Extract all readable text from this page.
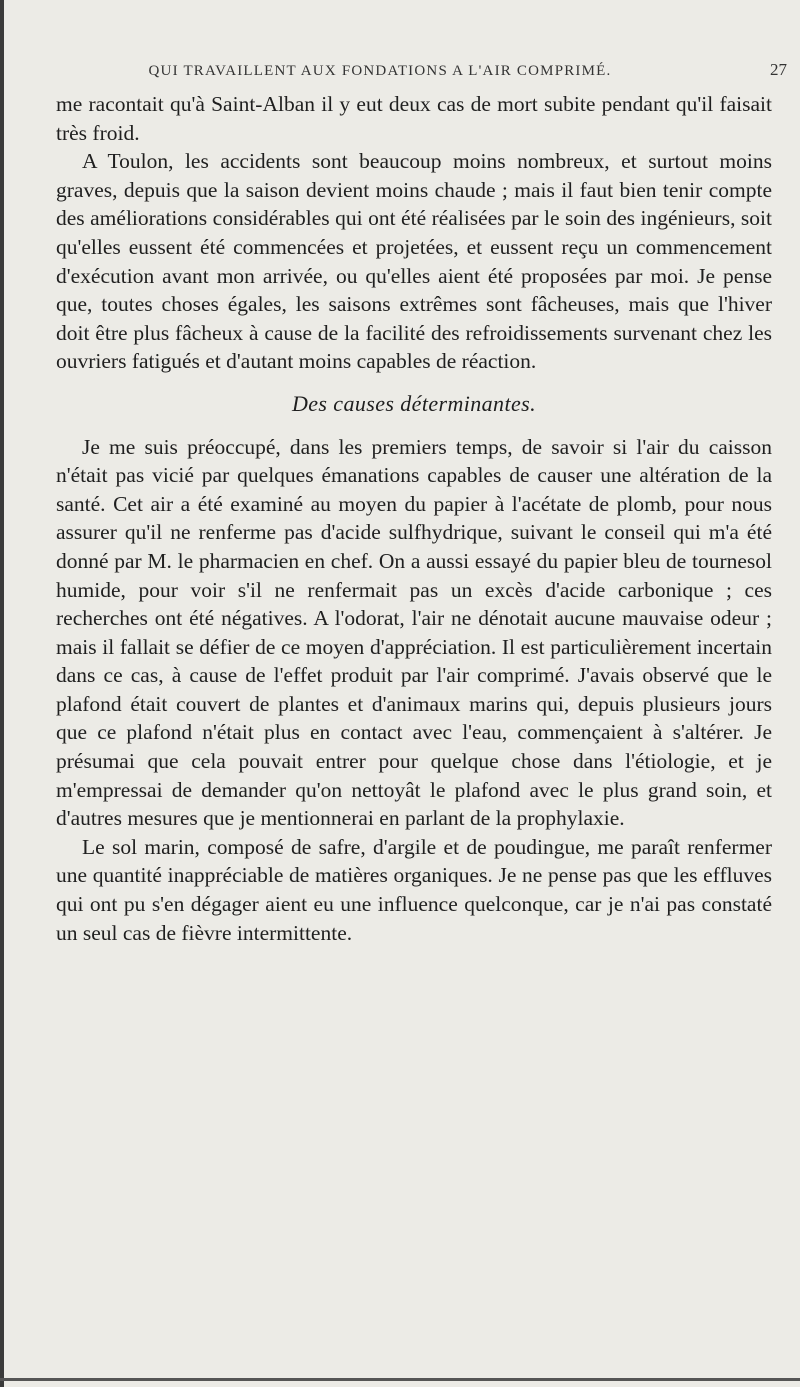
QUI TRAVAILLENT AUX FONDATIONS A L'AIR COMPRIMÉ.	27

me racontait qu'à Saint-Alban il y eut deux cas de mort subite pendant qu'il faisait très froid.

A Toulon, les accidents sont beaucoup moins nombreux, et surtout moins graves, depuis que la saison devient moins chaude ; mais il faut bien tenir compte des améliorations considérables qui ont été réalisées par le soin des ingénieurs, soit qu'elles eussent été commencées et projetées, et eussent reçu un commencement d'exécution avant mon arrivée, ou qu'elles aient été proposées par moi. Je pense que, toutes choses égales, les saisons extrêmes sont fâcheuses, mais que l'hiver doit être plus fâcheux à cause de la facilité des refroidissements survenant chez les ouvriers fatigués et d'autant moins capables de réaction.

Des causes déterminantes.

Je me suis préoccupé, dans les premiers temps, de savoir si l'air du caisson n'était pas vicié par quelques émanations capables de causer une altération de la santé. Cet air a été examiné au moyen du papier à l'acétate de plomb, pour nous assurer qu'il ne renferme pas d'acide sulfhydrique, suivant le conseil qui m'a été donné par M. le pharmacien en chef. On a aussi essayé du papier bleu de tournesol humide, pour voir s'il ne renfermait pas un excès d'acide carbonique ; ces recherches ont été négatives. A l'odorat, l'air ne dénotait aucune mauvaise odeur ; mais il fallait se défier de ce moyen d'appréciation. Il est particulièrement incertain dans ce cas, à cause de l'effet produit par l'air comprimé. J'avais observé que le plafond était couvert de plantes et d'animaux marins qui, depuis plusieurs jours que ce plafond n'était plus en contact avec l'eau, commençaient à s'altérer. Je présumai que cela pouvait entrer pour quelque chose dans l'étiologie, et je m'empressai de demander qu'on nettoyât le plafond avec le plus grand soin, et d'autres mesures que je mentionnerai en parlant de la prophylaxie.

Le sol marin, composé de safre, d'argile et de poudingue, me paraît renfermer une quantité inappréciable de matières organiques. Je ne pense pas que les effluves qui ont pu s'en dégager aient eu une influence quelconque, car je n'ai pas constaté un seul cas de fièvre intermittente.
